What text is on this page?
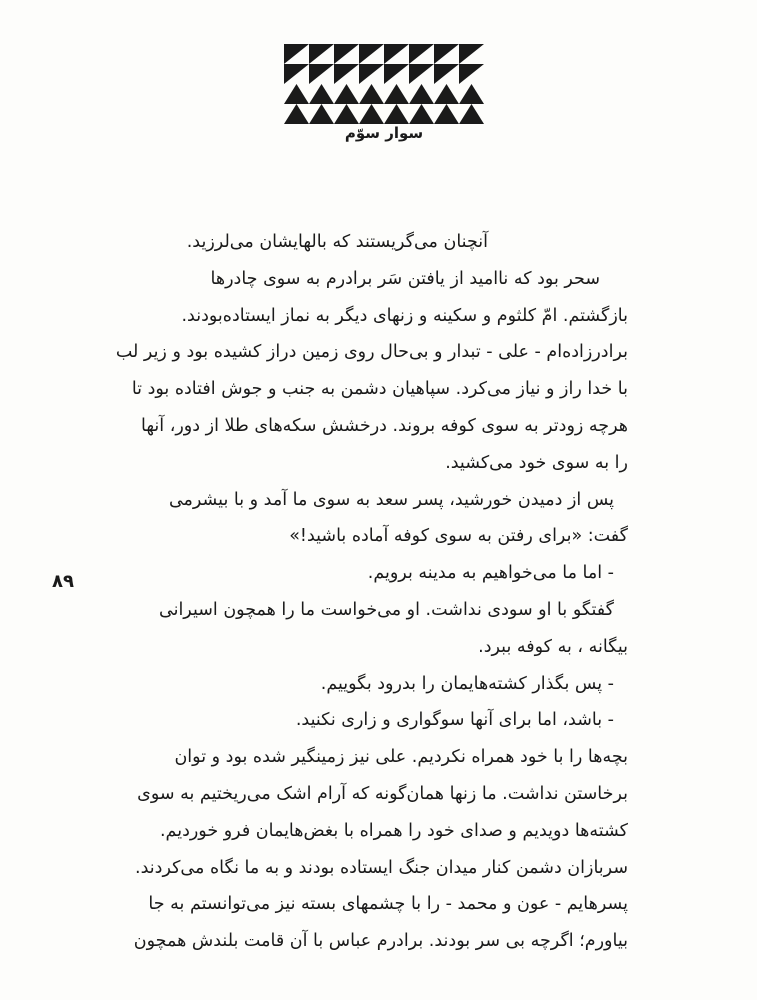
سوار سوّم
۸۹
آنچنان می‌گریستند که بالهایشان می‌لرزید.
سحر بود که ناامید از یافتن سَر برادرم به سوی چادرها
بازگشتم. امّ کلثوم و سکینه و زنهای دیگر به نماز ایستاده‌بودند.
برادرزاده‌ام - علی - تبدار و بی‌حال روی زمین دراز کشیده بود و زیر لب
با خدا راز و نیاز می‌کرد. سپاهیان دشمن به جنب و جوش افتاده بود تا
هرچه زودتر به سوی کوفه بروند. درخشش سکه‌های طلا از دور، آنها
را به سوی خود می‌کشید.
پس از دمیدن خورشید، پسر سعد به سوی ما آمد و با بیشرمی
گفت: «برای رفتن به سوی کوفه آماده باشید!»
- اما ما می‌خواهیم به مدینه برویم.
گفتگو با او سودی نداشت. او می‌خواست ما را همچون اسیرانی
بیگانه ، به کوفه ببرد.
- پس بگذار کشته‌هایمان را بدرود بگوییم.
- باشد، اما برای آنها سوگواری و زاری نکنید.
بچه‌ها را با خود همراه نکردیم. علی نیز زمینگیر شده بود و توان
برخاستن نداشت. ما زنها همان‌گونه که آرام اشک می‌ریختیم به سوی
کشته‌ها دویدیم و صدای خود را همراه با بغض‌هایمان فرو خوردیم.
سربازان دشمن کنار میدان جنگ ایستاده بودند و به ما نگاه می‌کردند.
پسرهایم - عون و محمد - را با چشمهای بسته نیز می‌توانستم به جا
بیاورم؛ اگرچه بی سر بودند. برادرم عباس با آن قامت بلندش همچون
